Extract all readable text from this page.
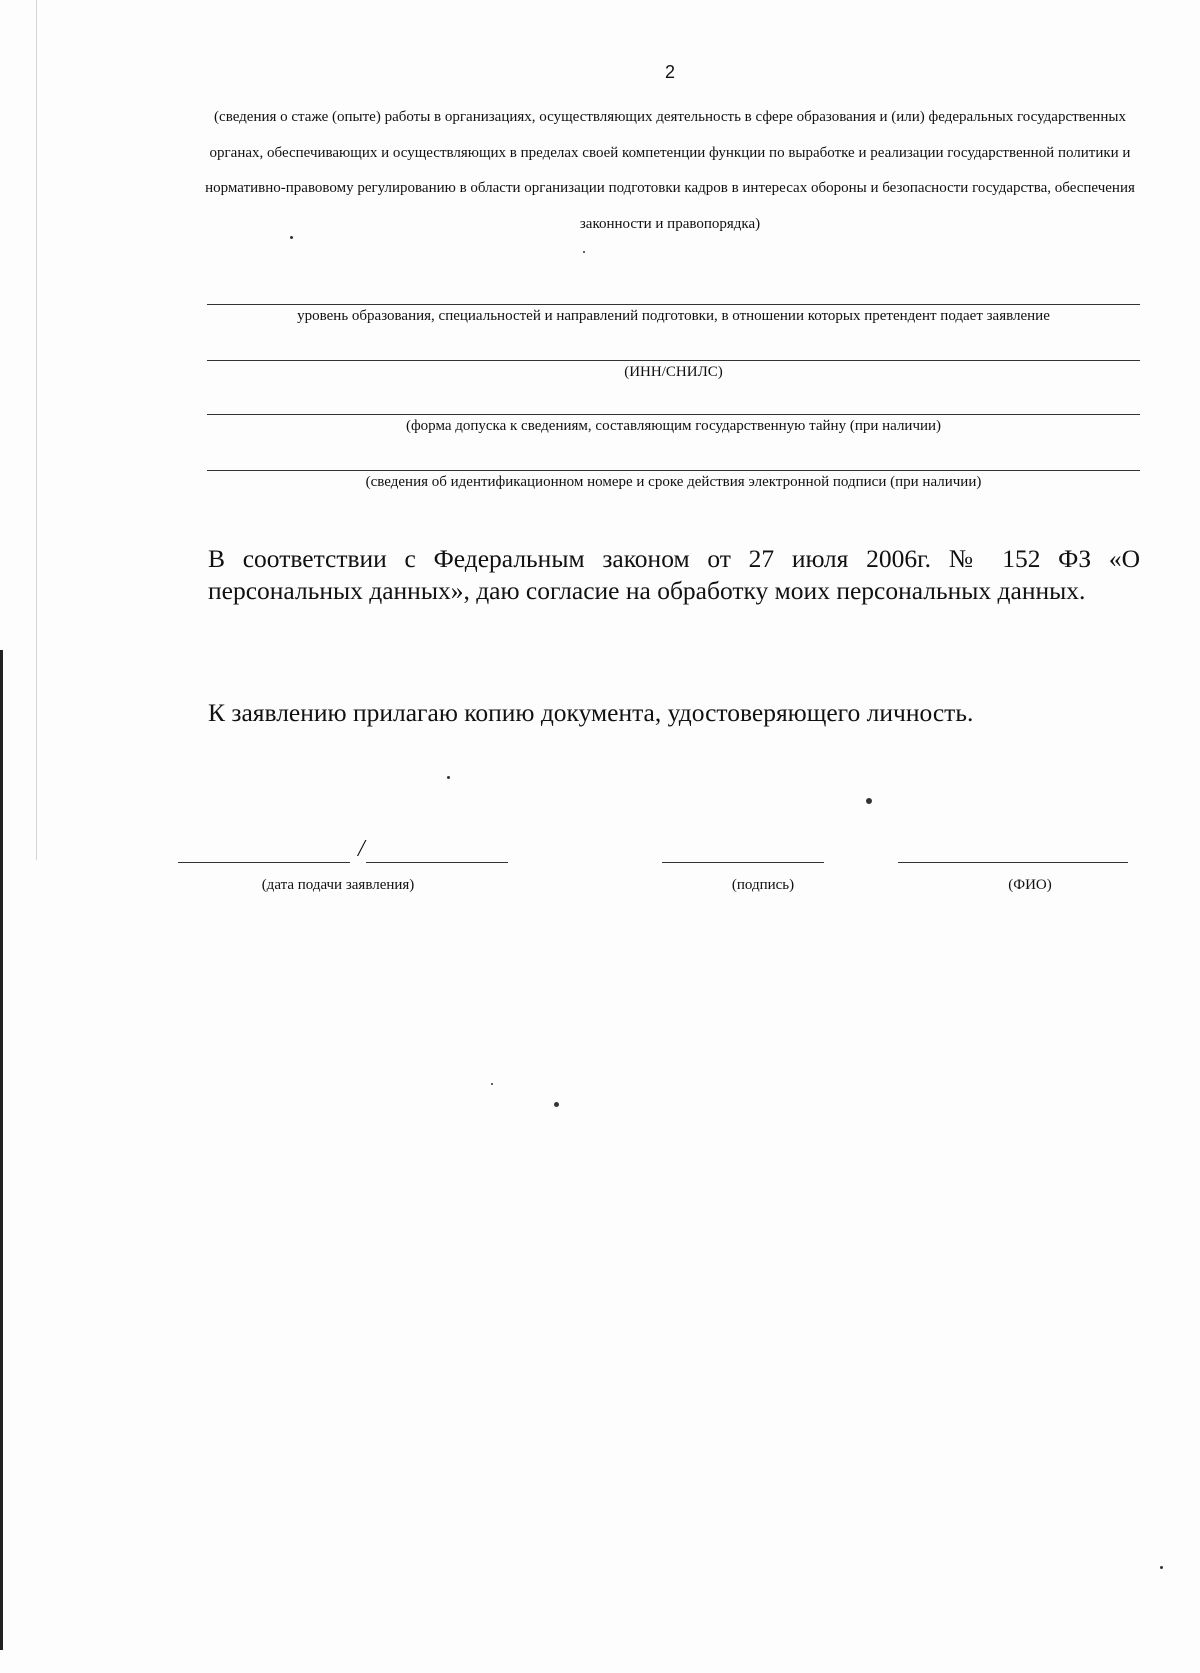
2
(сведения о стаже (опыте) работы в организациях, осуществляющих деятельность в сфере образования и (или) федеральных государственных органах, обеспечивающих и осуществляющих в пределах своей компетенции функции по выработке и реализации государственной политики и нормативно-правовому регулированию в области организации подготовки кадров в интересах обороны и безопасности государства, обеспечения законности и правопорядка)
уровень образования, специальностей и направлений подготовки, в отношении которых претендент подает заявление
(ИНН/СНИЛС)
(форма допуска к сведениям, составляющим государственную тайну (при наличии)
(сведения об идентификационном номере и сроке действия электронной подписи (при наличии)
В соответствии с Федеральным законом от 27 июля 2006г. № 152 ФЗ «О персональных данных», даю согласие на обработку моих персональных данных.
К заявлению прилагаю копию документа, удостоверяющего личность.
/
(дата подачи заявления)	(подпись)	(ФИО)
